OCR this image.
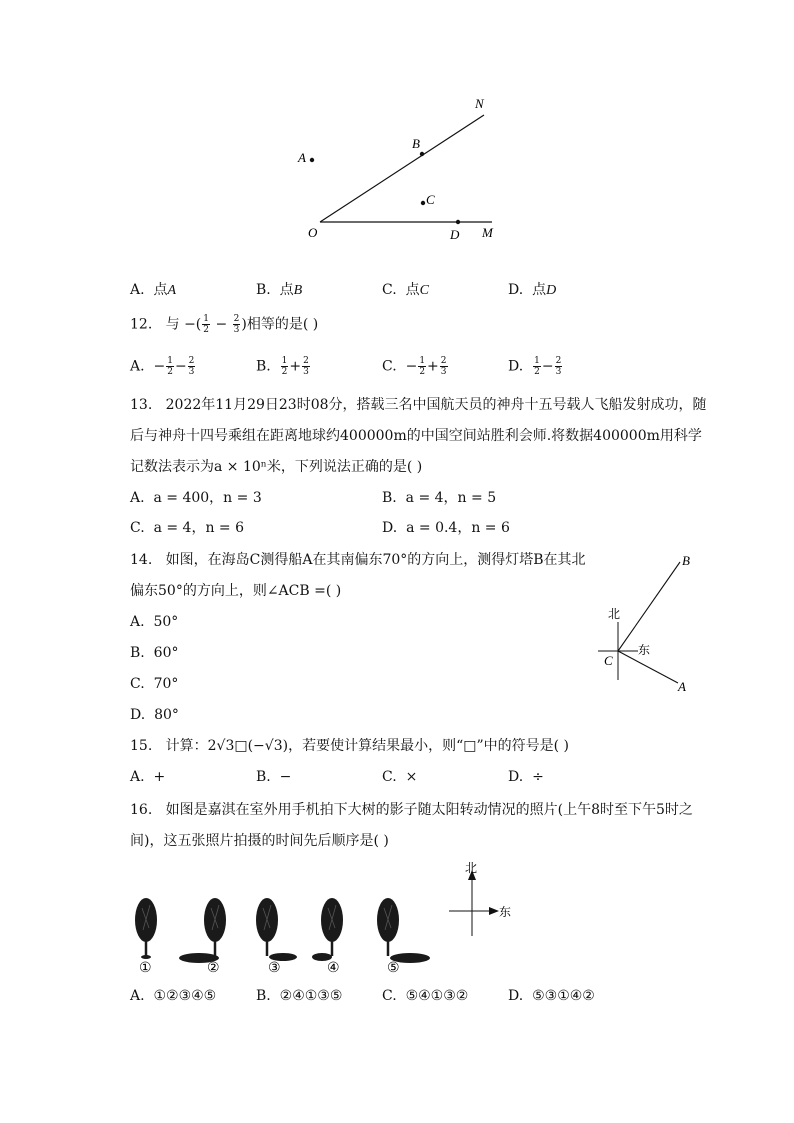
N
A
B
C
O	D M
A. 点A	B. 点B	C. 点C	D. 点D
12. 与 −( $\frac{1}{2} - \frac{2}{3}$ )相等的是( )
A. − $\frac{1}{2} - \frac{2}{3}$	B. $\frac{1}{2} + \frac{2}{3}$	C. − $\frac{1}{2} + \frac{2}{3}$	D. $\frac{1}{2} - \frac{2}{3}$
13. 2022年11月29日23时08分，搭载三名中国航天员的神舟十五号载人飞船发射成功，随
后与神舟十四号乘组在距离地球约400000m的中国空间站胜利会师.将数据400000m用科学
记数法表示为a × 10ⁿ米，下列说法正确的是( )
A. a = 400，n = 3	B. a = 4，n = 5
C. a = 4，n = 6	D. a = 0.4，n = 6
14. 如图，在海岛C测得船A在其南偏东70°的方向上，测得灯塔B在其北
偏东50°的方向上，则∠ACB =( )
A. 50°
B. 60°
C. 70°
D. 80°
北
东
B
C
A
15. 计算：2√3□(−√3)，若要使计算结果最小，则“□”中的符号是( )
A. +	B. −	C. ×	D. ÷
16. 如图是嘉淇在室外用手机拍下大树的影子随太阳转动情况的照片(上午8时至下午5时之
间)，这五张照片拍摄的时间先后顺序是( )
①	②	③	④	⑤
北
东
A. ①②③④⑤	B. ②④①③⑤	C. ⑤④①③②	D. ⑤③①④②
